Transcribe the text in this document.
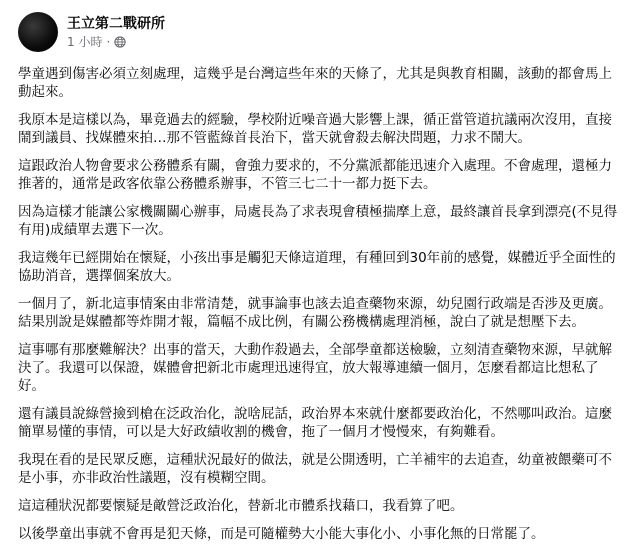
王立第二戰研所
1 小時 ·

學童遇到傷害必須立刻處理，這幾乎是台灣這些年來的天條了，尤其是與教育相關，該動的都會馬上動起來。

我原本是這樣以為，畢竟過去的經驗，學校附近噪音過大影響上課，循正當管道抗議兩次沒用，直接鬧到議員、找媒體來拍…那不管藍綠首長治下，當天就會殺去解決問題，力求不鬧大。

這跟政治人物會要求公務體系有關，會強力要求的，不分黨派都能迅速介入處理。不會處理，還極力推著的，通常是政客依靠公務體系辦事，不管三七二十一都力挺下去。

因為這樣才能讓公家機關關心辦事，局處長為了求表現會積極揣摩上意，最終讓首長拿到漂亮(不見得有用)成績單去選下一次。

我這幾年已經開始在懷疑，小孩出事是觸犯天條這道理，有種回到30年前的感覺，媒體近乎全面性的協助消音，選擇個案放大。

一個月了，新北這事情案由非常清楚，就事論事也該去追查藥物來源，幼兒園行政端是否涉及更廣。結果別說是媒體都等炸開才報，篇幅不成比例，有關公務機構處理消極，說白了就是想壓下去。

這事哪有那麼難解決？出事的當天，大動作殺過去，全部學童都送檢驗，立刻清查藥物來源，早就解決了。我還可以保證，媒體會把新北市處理迅速得宜，放大報導連續一個月，怎麼看都這比想私了好。

還有議員說綠營撿到槍在泛政治化，說啥屁話，政治界本來就什麼都要政治化，不然哪叫政治。這麼簡單易懂的事情，可以是大好政績收割的機會，拖了一個月才慢慢來，有夠難看。

我現在看的是民眾反應，這種狀況最好的做法，就是公開透明，亡羊補牢的去追查，幼童被餵藥可不是小事，亦非政治性議題，沒有模糊空間。

這這種狀況都要懷疑是敵營泛政治化，替新北市體系找藉口，我看算了吧。

以後學童出事就不會再是犯天條，而是可隨權勢大小能大事化小、小事化無的日常罷了。
